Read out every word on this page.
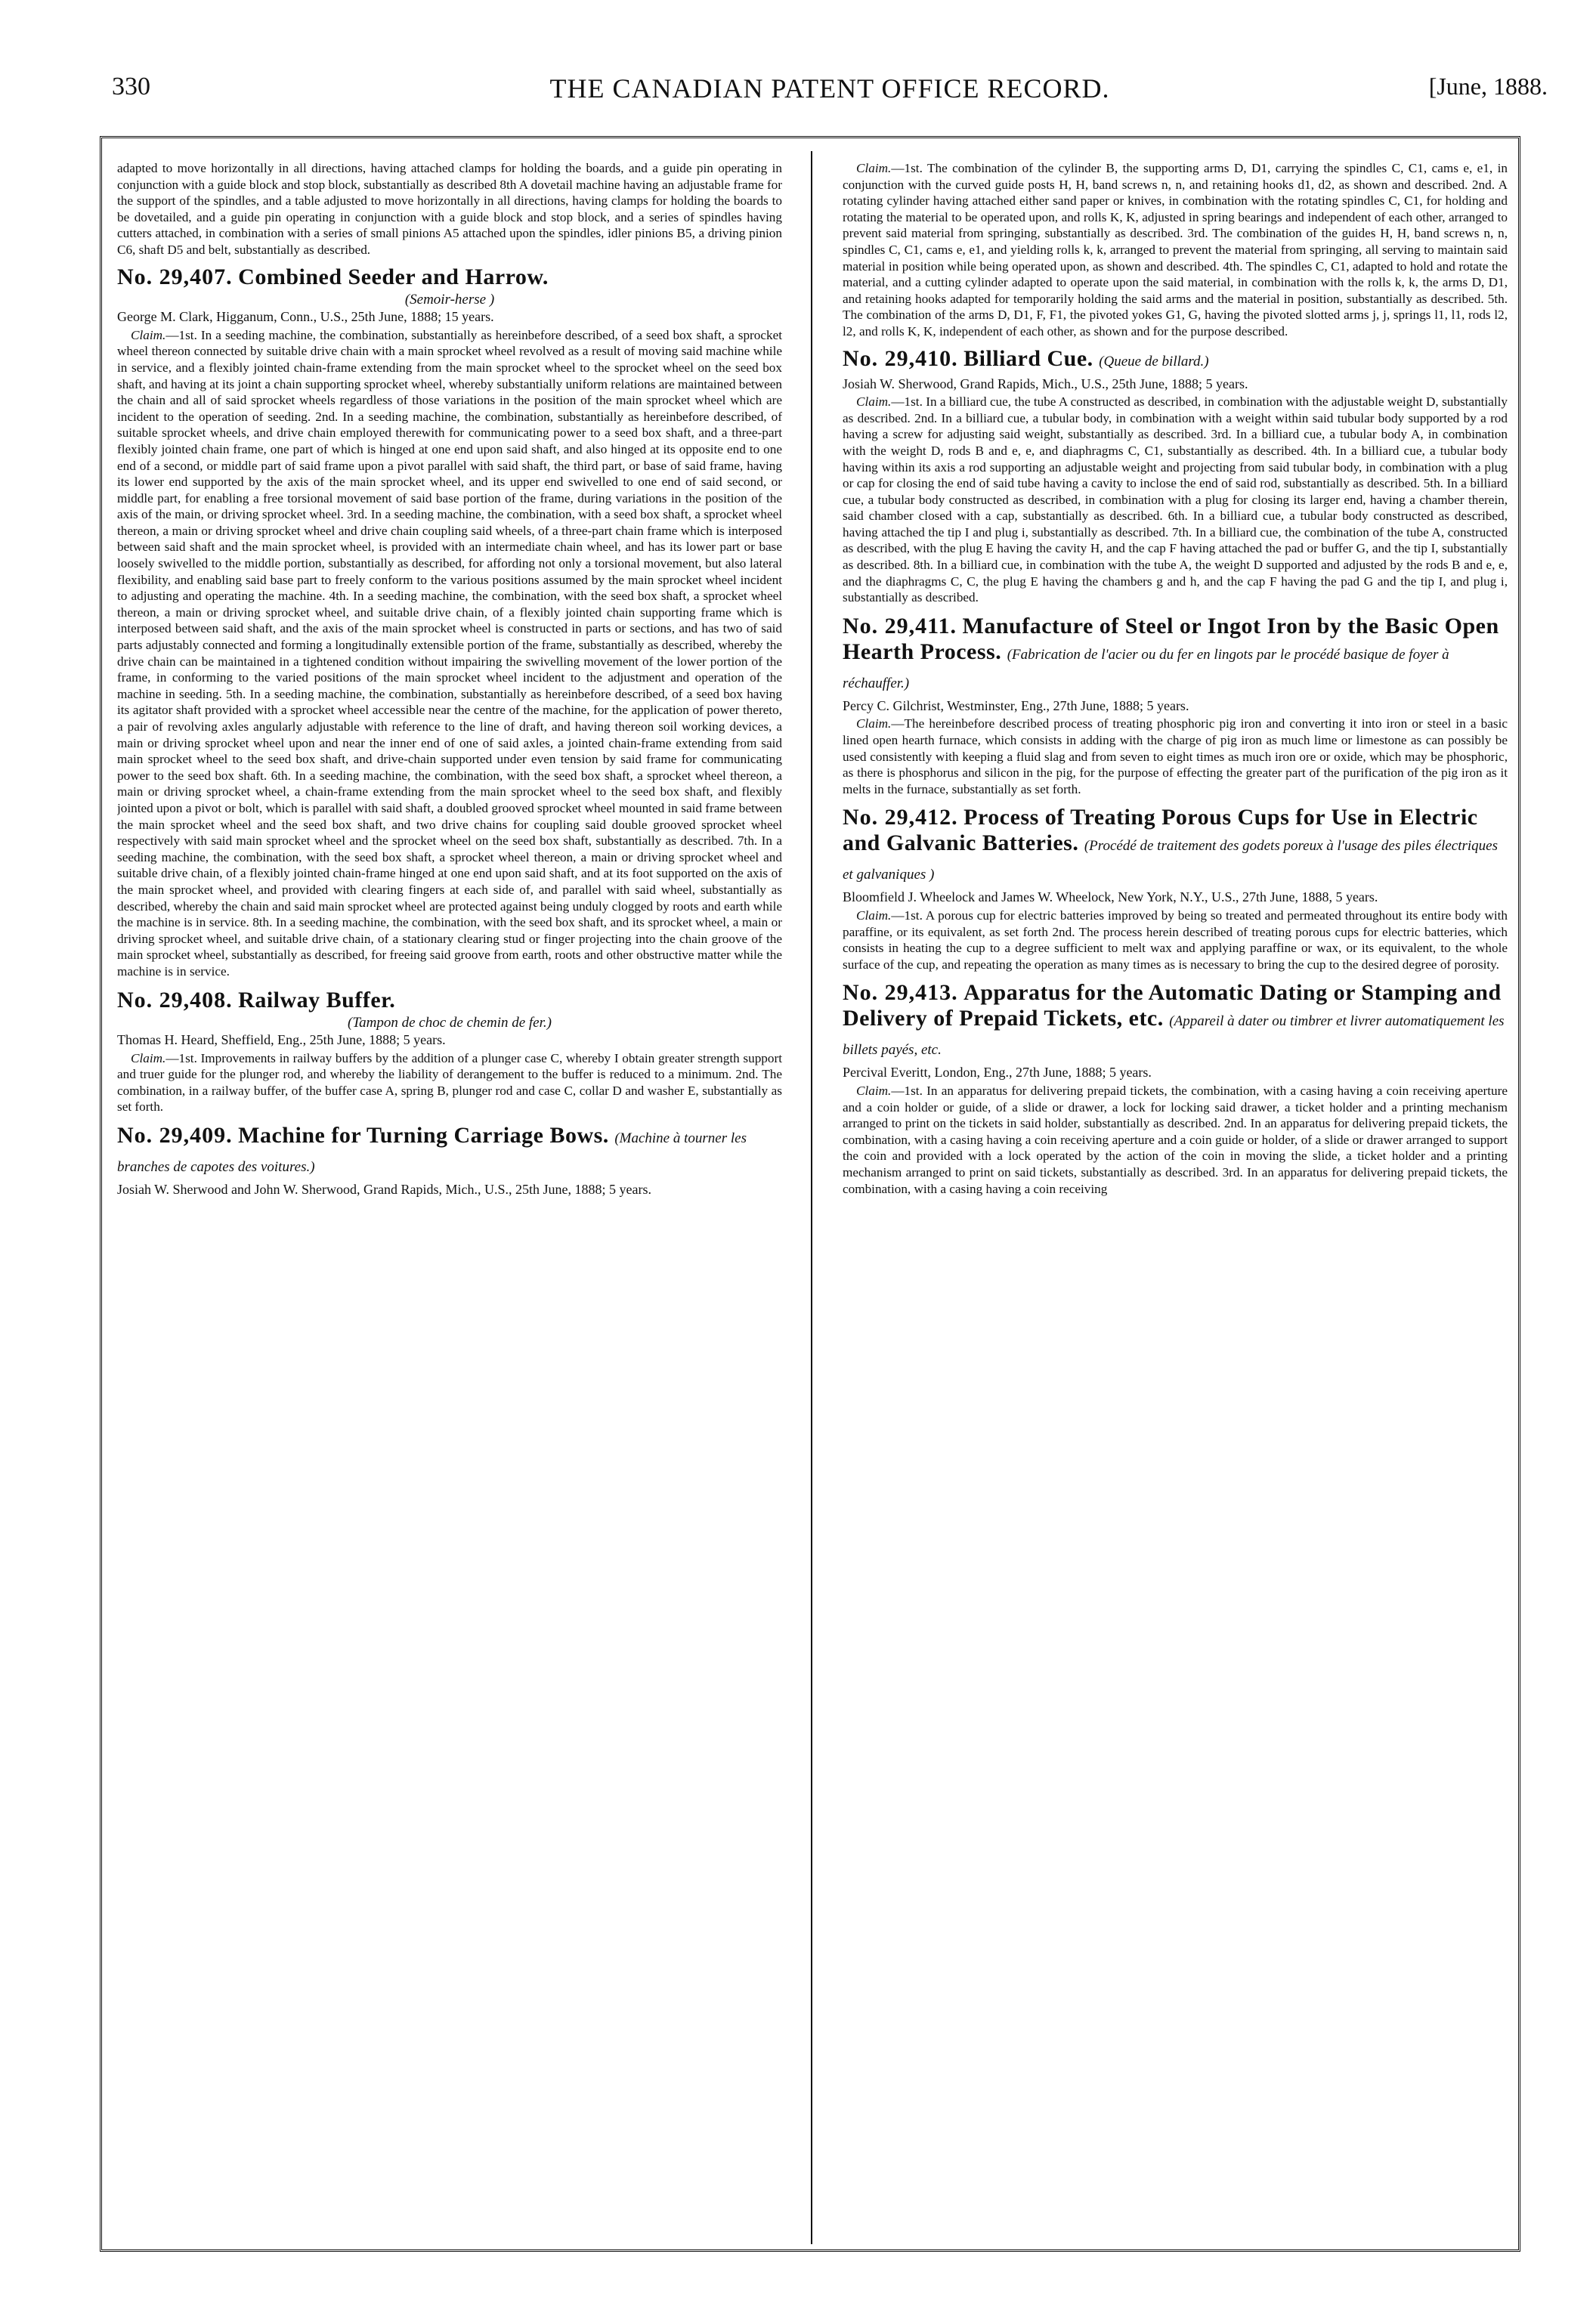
THE CANADIAN PATENT OFFICE RECORD.
330	[June, 1888.

adapted to move horizontally in all directions, having attached clamps for holding the boards, and a guide pin operating in conjunction with a guide block and stop block, substantially as described 8th A dovetail machine having an adjustable frame for the support of the spindles, and a table adjusted to move horizontally in all directions, having clamps for holding the boards to be dovetailed, and a guide pin operating in conjunction with a guide block and stop block, and a series of spindles having cutters attached, in combination with a series of small pinions A5 attached upon the spindles, idler pinions B5, a driving pinion C6, shaft D5 and belt, substantially as described.

No. 29,407. Combined Seeder and Harrow.
(Semoir-herse )

George M. Clark, Higganum, Conn., U.S., 25th June, 1888; 15 years.

Claim.—1st. In a seeding machine, the combination, substantially as hereinbefore described, of a seed box shaft, a sprocket wheel thereon connected by suitable drive chain with a main sprocket wheel revolved as a result of moving said machine while in service, and a flexibly jointed chain-frame extending from the main sprocket wheel to the sprocket wheel on the seed box shaft, and having at its joint a chain supporting sprocket wheel, whereby substantially uniform relations are maintained between the chain and all of said sprocket wheels regardless of those variations in the position of the main sprocket wheel which are incident to the operation of seeding. 2nd. In a seeding machine, the combination, substantially as hereinbefore described, of suitable sprocket wheels, and drive chain employed therewith for communicating power to a seed box shaft, and a three-part flexibly jointed chain frame, one part of which is hinged at one end upon said shaft, and also hinged at its opposite end to one end of a second, or middle part of said frame upon a pivot parallel with said shaft, the third part, or base of said frame, having its lower end supported by the axis of the main sprocket wheel, and its upper end swivelled to one end of said second, or middle part, for enabling a free torsional movement of said base portion of the frame, during variations in the position of the axis of the main, or driving sprocket wheel. 3rd. In a seeding machine, the combination, with a seed box shaft, a sprocket wheel thereon, a main or driving sprocket wheel and drive chain coupling said wheels, of a three-part chain frame which is interposed between said shaft and the main sprocket wheel, is provided with an intermediate chain wheel, and has its lower part or base loosely swivelled to the middle portion, substantially as described, for affording not only a torsional movement, but also lateral flexibility, and enabling said base part to freely conform to the various positions assumed by the main sprocket wheel incident to adjusting and operating the machine. 4th. In a seeding machine, the combination, with the seed box shaft, a sprocket wheel thereon, a main or driving sprocket wheel, and suitable drive chain, of a flexibly jointed chain supporting frame which is interposed between said shaft, and the axis of the main sprocket wheel is constructed in parts or sections, and has two of said parts adjustably connected and forming a longitudinally extensible portion of the frame, substantially as described, whereby the drive chain can be maintained in a tightened condition without impairing the swivelling movement of the lower portion of the frame, in conforming to the varied positions of the main sprocket wheel incident to the adjustment and operation of the machine in seeding. 5th. In a seeding machine, the combination, substantially as hereinbefore described, of a seed box having its agitator shaft provided with a sprocket wheel accessible near the centre of the machine, for the application of power thereto, a pair of revolving axles angularly adjustable with reference to the line of draft, and having thereon soil working devices, a main or driving sprocket wheel upon and near the inner end of one of said axles, a jointed chain-frame extending from said main sprocket wheel to the seed box shaft, and drive-chain supported under even tension by said frame for communicating power to the seed box shaft. 6th. In a seeding machine, the combination, with the seed box shaft, a sprocket wheel thereon, a main or driving sprocket wheel, a chain-frame extending from the main sprocket wheel to the seed box shaft, and flexibly jointed upon a pivot or bolt, which is parallel with said shaft, a doubled grooved sprocket wheel mounted in said frame between the main sprocket wheel and the seed box shaft, and two drive chains for coupling said double grooved sprocket wheel respectively with said main sprocket wheel and the sprocket wheel on the seed box shaft, substantially as described. 7th. In a seeding machine, the combination, with the seed box shaft, a sprocket wheel thereon, a main or driving sprocket wheel and suitable drive chain, of a flexibly jointed chain-frame hinged at one end upon said shaft, and at its foot supported on the axis of the main sprocket wheel, and provided with clearing fingers at each side of, and parallel with said wheel, substantially as described, whereby the chain and said main sprocket wheel are protected against being unduly clogged by roots and earth while the machine is in service. 8th. In a seeding machine, the combination, with the seed box shaft, and its sprocket wheel, a main or driving sprocket wheel, and suitable drive chain, of a stationary clearing stud or finger projecting into the chain groove of the main sprocket wheel, substantially as described, for freeing said groove from earth, roots and other obstructive matter while the machine is in service.

No. 29,408. Railway Buffer.
(Tampon de choc de chemin de fer.)

Thomas H. Heard, Sheffield, Eng., 25th June, 1888; 5 years.

Claim.—1st. Improvements in railway buffers by the addition of a plunger case C, whereby I obtain greater strength support and truer guide for the plunger rod, and whereby the liability of derangement to the buffer is reduced to a minimum. 2nd. The combination, in a railway buffer, of the buffer case A, spring B, plunger rod and case C, collar D and washer E, substantially as set forth.

No. 29,409. Machine for Turning Carriage Bows. (Machine à tourner les branches de capotes des voitures.)

Josiah W. Sherwood and John W. Sherwood, Grand Rapids, Mich., U.S., 25th June, 1888; 5 years.

Claim.—1st. The combination of the cylinder B, the supporting arms D, D1, carrying the spindles C, C1, cams e, e1, in conjunction with the curved guide posts H, H, band screws n, n, and retaining hooks d1, d2, as shown and described. 2nd. A rotating cylinder having attached either sand paper or knives, in combination with the rotating spindles C, C1, for holding and rotating the material to be operated upon, and rolls K, K, adjusted in spring bearings and independent of each other, arranged to prevent said material from springing, substantially as described. 3rd. The combination of the guides H, H, band screws n, n, spindles C, C1, cams e, e1, and yielding rolls k, k, arranged to prevent the material from springing, all serving to maintain said material in position while being operated upon, as shown and described. 4th. The spindles C, C1, adapted to hold and rotate the material, and a cutting cylinder adapted to operate upon the said material, in combination with the rolls k, k, the arms D, D1, and retaining hooks adapted for temporarily holding the said arms and the material in position, substantially as described. 5th. The combination of the arms D, D1, F, F1, the pivoted yokes G1, G, having the pivoted slotted arms j, j, springs l1, l1, rods l2, l2, and rolls K, K, independent of each other, as shown and for the purpose described.

No. 29,410. Billiard Cue. (Queue de billard.)

Josiah W. Sherwood, Grand Rapids, Mich., U.S., 25th June, 1888; 5 years.

Claim.—1st. In a billiard cue, the tube A constructed as described, in combination with the adjustable weight D, substantially as described. 2nd. In a billiard cue, a tubular body, in combination with a weight within said tubular body supported by a rod having a screw for adjusting said weight, substantially as described. 3rd. In a billiard cue, a tubular body A, in combination with the weight D, rods B and e, e, and diaphragms C, C1, substantially as described. 4th. In a billiard cue, a tubular body having within its axis a rod supporting an adjustable weight and projecting from said tubular body, in combination with a plug or cap for closing the end of said tube having a cavity to inclose the end of said rod, substantially as described. 5th. In a billiard cue, a tubular body constructed as described, in combination with a plug for closing its larger end, having a chamber therein, said chamber closed with a cap, substantially as described. 6th. In a billiard cue, a tubular body constructed as described, having attached the tip I and plug i, substantially as described. 7th. In a billiard cue, the combination of the tube A, constructed as described, with the plug E having the cavity H, and the cap F having attached the pad or buffer G, and the tip I, substantially as described. 8th. In a billiard cue, in combination with the tube A, the weight D supported and adjusted by the rods B and e, e, and the diaphragms C, C, the plug E having the chambers g and h, and the cap F having the pad G and the tip I, and plug i, substantially as described.

No. 29,411. Manufacture of Steel or Ingot Iron by the Basic Open Hearth Process. (Fabrication de l'acier ou du fer en lingots par le procédé basique de foyer à réchauffer.)

Percy C. Gilchrist, Westminster, Eng., 27th June, 1888; 5 years.

Claim.—The hereinbefore described process of treating phosphoric pig iron and converting it into iron or steel in a basic lined open hearth furnace, which consists in adding with the charge of pig iron as much lime or limestone as can possibly be used consistently with keeping a fluid slag and from seven to eight times as much iron ore or oxide, which may be phosphoric, as there is phosphorus and silicon in the pig, for the purpose of effecting the greater part of the purification of the pig iron as it melts in the furnace, substantially as set forth.

No. 29,412. Process of Treating Porous Cups for Use in Electric and Galvanic Batteries. (Procédé de traitement des godets poreux à l'usage des piles électriques et galvaniques )

Bloomfield J. Wheelock and James W. Wheelock, New York, N.Y., U.S., 27th June, 1888, 5 years.

Claim.—1st. A porous cup for electric batteries improved by being so treated and permeated throughout its entire body with paraffine, or its equivalent, as set forth 2nd. The process herein described of treating porous cups for electric batteries, which consists in heating the cup to a degree sufficient to melt wax and applying paraffine or wax, or its equivalent, to the whole surface of the cup, and repeating the operation as many times as is necessary to bring the cup to the desired degree of porosity.

No. 29,413. Apparatus for the Automatic Dating or Stamping and Delivery of Prepaid Tickets, etc. (Appareil à dater ou timbrer et livrer automatiquement les billets payés, etc.

Percival Everitt, London, Eng., 27th June, 1888; 5 years.

Claim.—1st. In an apparatus for delivering prepaid tickets, the combination, with a casing having a coin receiving aperture and a coin holder or guide, of a slide or drawer, a lock for locking said drawer, a ticket holder and a printing mechanism arranged to print on the tickets in said holder, substantially as described. 2nd. In an apparatus for delivering prepaid tickets, the combination, with a casing having a coin receiving aperture and a coin guide or holder, of a slide or drawer arranged to support the coin and provided with a lock operated by the action of the coin in moving the slide, a ticket holder and a printing mechanism arranged to print on said tickets, substantially as described. 3rd. In an apparatus for delivering prepaid tickets, the combination, with a casing having a coin receiving
